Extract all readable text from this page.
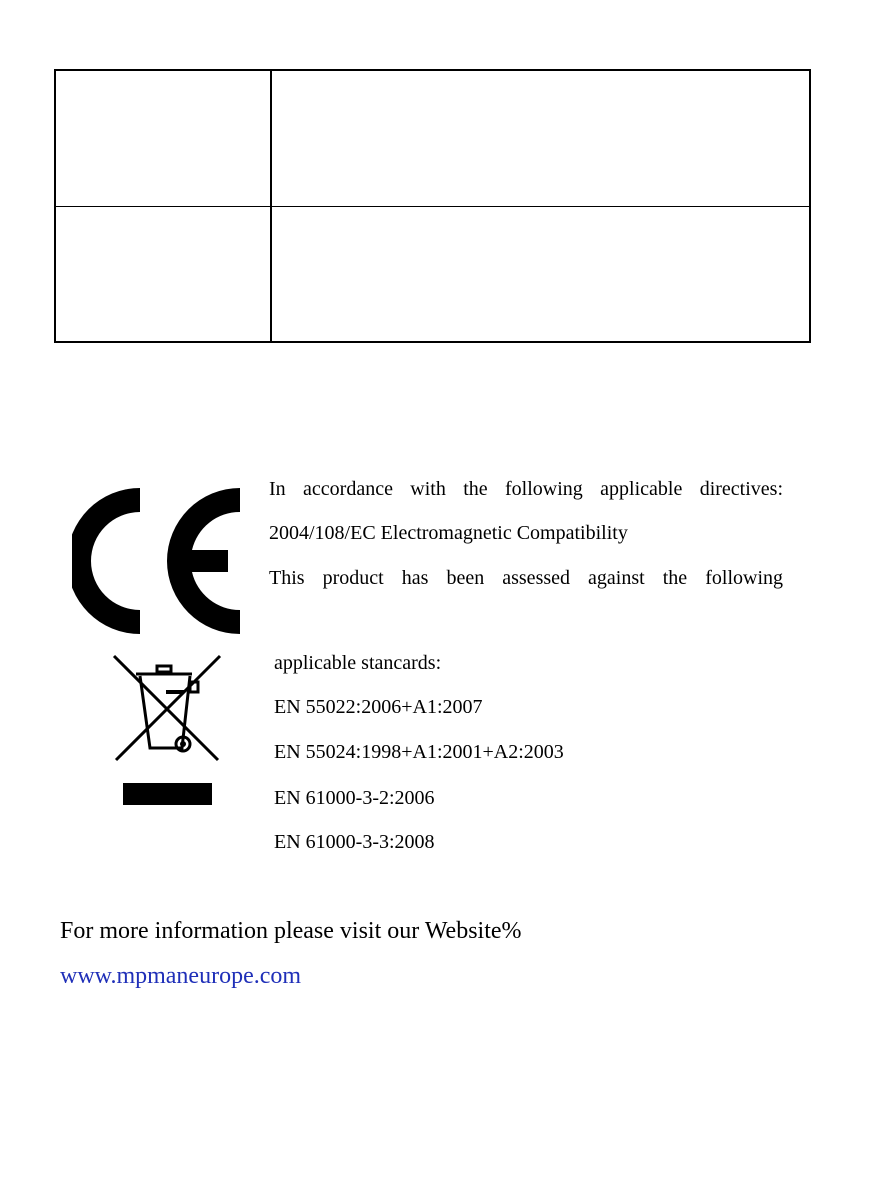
In accordance with the following applicable directives:

2004/108/EC Electromagnetic Compatibility

This product has been assessed against the following

applicable stancards:

EN 55022:2006+A1:2007

EN 55024:1998+A1:2001+A2:2003

EN 61000-3-2:2006

EN 61000-3-3:2008

For more information please visit our Website%

www.mpmaneurope.com
